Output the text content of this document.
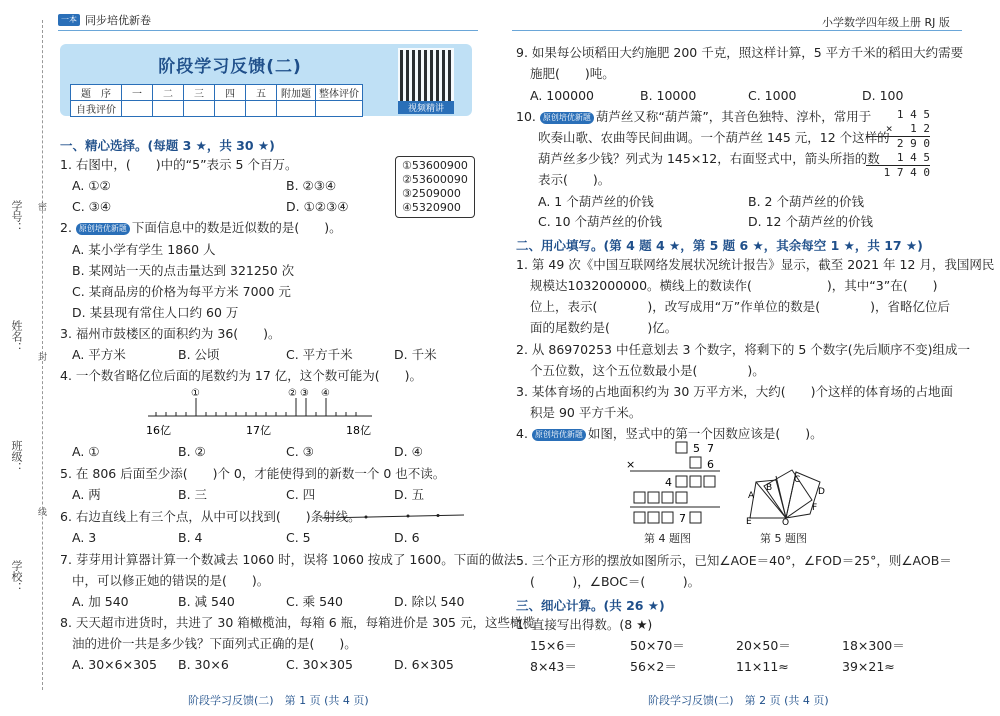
一本 同步培优新卷	小学数学四年级上册 RJ 版
学校：
班级：
姓名：
学号： 密
封
线
阶段学习反馈(二)
题　序	一	二	三	四	五	附加题	整体评价
自我评价								视频精讲
一、精心选择。(每题 3 ★，共 30 ★)
1. 右图中，(　　)中的“5”表示 5 个百万。	①53600900
②53600090
③2509000
④5320900
A. ①②	B. ②③④
C. ③④	D. ①②③④
2. 原创培优新题 下面信息中的数是近似数的是(　　)。
A. 某小学有学生 1860 人
B. 某网站一天的点击量达到 321250 次
C. 某商品房的价格为每平方米 7000 元
D. 某县现有常住人口约 60 万
3. 福州市鼓楼区的面积约为 36(　　)。
A. 平方米	B. 公顷	C. 平方千米	D. 千米
4. 一个数省略亿位后面的尾数约为 17 亿，这个数可能为(　　)。
①	② ③ ④
16亿	17亿	18亿
A. ①	B. ②	C. ③	D. ④
5. 在 806 后面至少添(　　)个 0，才能使得到的新数一个 0 也不读。
A. 两	B. 三	C. 四	D. 五
6. 右边直线上有三个点，从中可以找到(　　)条射线。
A. 3	B. 4	C. 5	D. 6
7. 芽芽用计算器计算一个数减去 1060 时，误将 1060 按成了 1600。下面的做法
中，可以修正她的错误的是(　　)。
A. 加 540	B. 减 540	C. 乘 540	D. 除以 540
8. 天天超市进货时，共进了 30 箱橄榄油，每箱 6 瓶，每箱进价是 305 元，这些橄榄
油的进价一共是多少钱？下面列式正确的是(　　)。
A. 30×6×305 B. 30×6	C. 30×305	D. 6×305
阶段学习反馈(二)　第 1 页 (共 4 页)
9. 如果每公顷稻田大约施肥 200 千克，照这样计算，5 平方千米的稻田大约需要
施肥(　　)吨。
A. 100000	B. 10000	C. 1000	D. 100
10. 原创培优新题 葫芦丝又称“葫芦箫”，其音色独特、淳朴，常用于
吹奏山歌、农曲等民间曲调。一个葫芦丝 145 元，12 个这样的
葫芦丝多少钱？列式为 145×12，右面竖式中，箭头所指的数
表示(　　)。
1 4 5
× 　1 2
2 9 0
1 4 5
1 7 4 0
A. 1 个葫芦丝的价钱	B. 2 个葫芦丝的价钱
C. 10 个葫芦丝的价钱	D. 12 个葫芦丝的价钱
二、用心填写。(第 4 题 4 ★，第 5 题 6 ★，其余每空 1 ★，共 17 ★)
1. 第 49 次《中国互联网络发展状况统计报告》显示，截至 2021 年 12 月，我国网民
规模达1032000000。横线上的数读作(　　　　　　)，其中“3”在(　　)
位上，表示(　　　　)，改写成用“万”作单位的数是(　　　　)，省略亿位后
面的尾数约是(　　　)亿。
2. 从 86970253 中任意划去 3 个数字，将剩下的 5 个数字(先后顺序不变)组成一
个五位数，这个五位数最小是(　　　　)。
3. 某体育场的占地面积约为 30 万平方米，大约(　　)个这样的体育场的占地面
积是 90 平方千米。
4. 原创培优新题 如图，竖式中的第一个因数应该是(　　)。
5 7
×	6
4
7
第 4 题图
A
B
C
D
E	O
F
第 5 题图
5. 三个正方形的摆放如图所示，已知∠AOE＝40°，∠FOD＝25°，则∠AOB＝
(　　　)，∠BOC＝(　　　)。
三、细心计算。(共 26 ★)
1. 直接写出得数。(8 ★)
15×6＝	50×70＝	20×50＝	18×300＝
8×43＝	56×2＝	11×11≈	39×21≈
阶段学习反馈(二)　第 2 页 (共 4 页)
